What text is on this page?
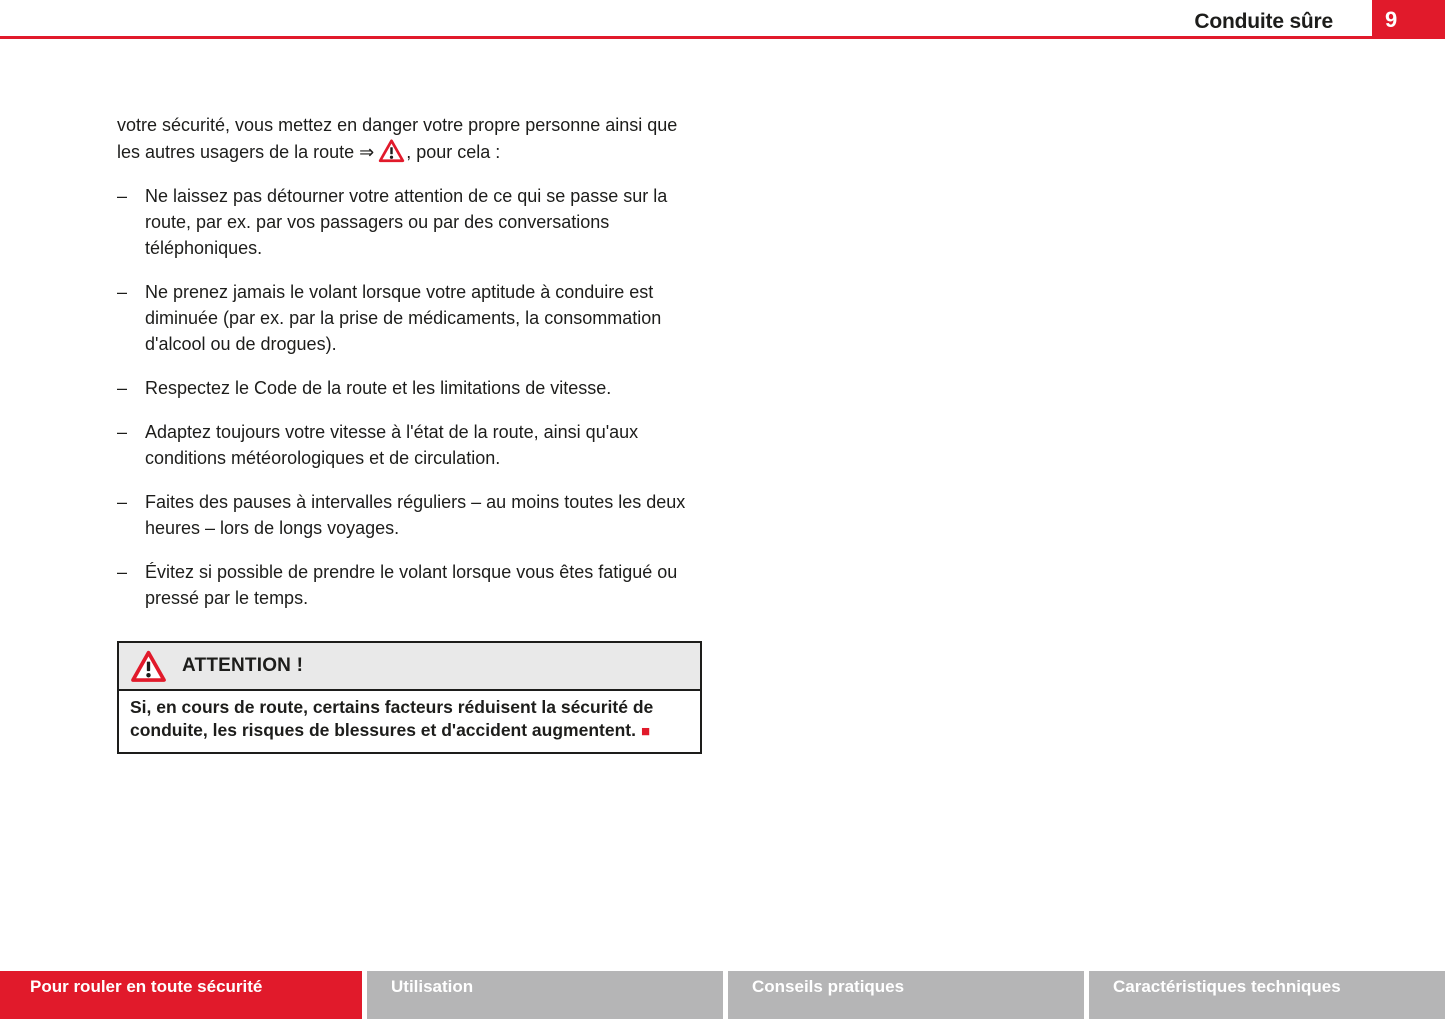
Conduite sûre 9

votre sécurité, vous mettez en danger votre propre personne ainsi que les autres usagers de la route ⇒ , pour cela :

– Ne laissez pas détourner votre attention de ce qui se passe sur la route, par ex. par vos passagers ou par des conversations téléphoniques.
– Ne prenez jamais le volant lorsque votre aptitude à conduire est diminuée (par ex. par la prise de médicaments, la consommation d'alcool ou de drogues).
– Respectez le Code de la route et les limitations de vitesse.
– Adaptez toujours votre vitesse à l'état de la route, ainsi qu'aux conditions météorologiques et de circulation.
– Faites des pauses à intervalles réguliers – au moins toutes les deux heures – lors de longs voyages.
– Évitez si possible de prendre le volant lorsque vous êtes fatigué ou pressé par le temps.
ATTENTION !
Si, en cours de route, certains facteurs réduisent la sécurité de conduite, les risques de blessures et d'accident augmentent. ■
Pour rouler en toute sécurité	Utilisation	Conseils pratiques	Caractéristiques techniques
